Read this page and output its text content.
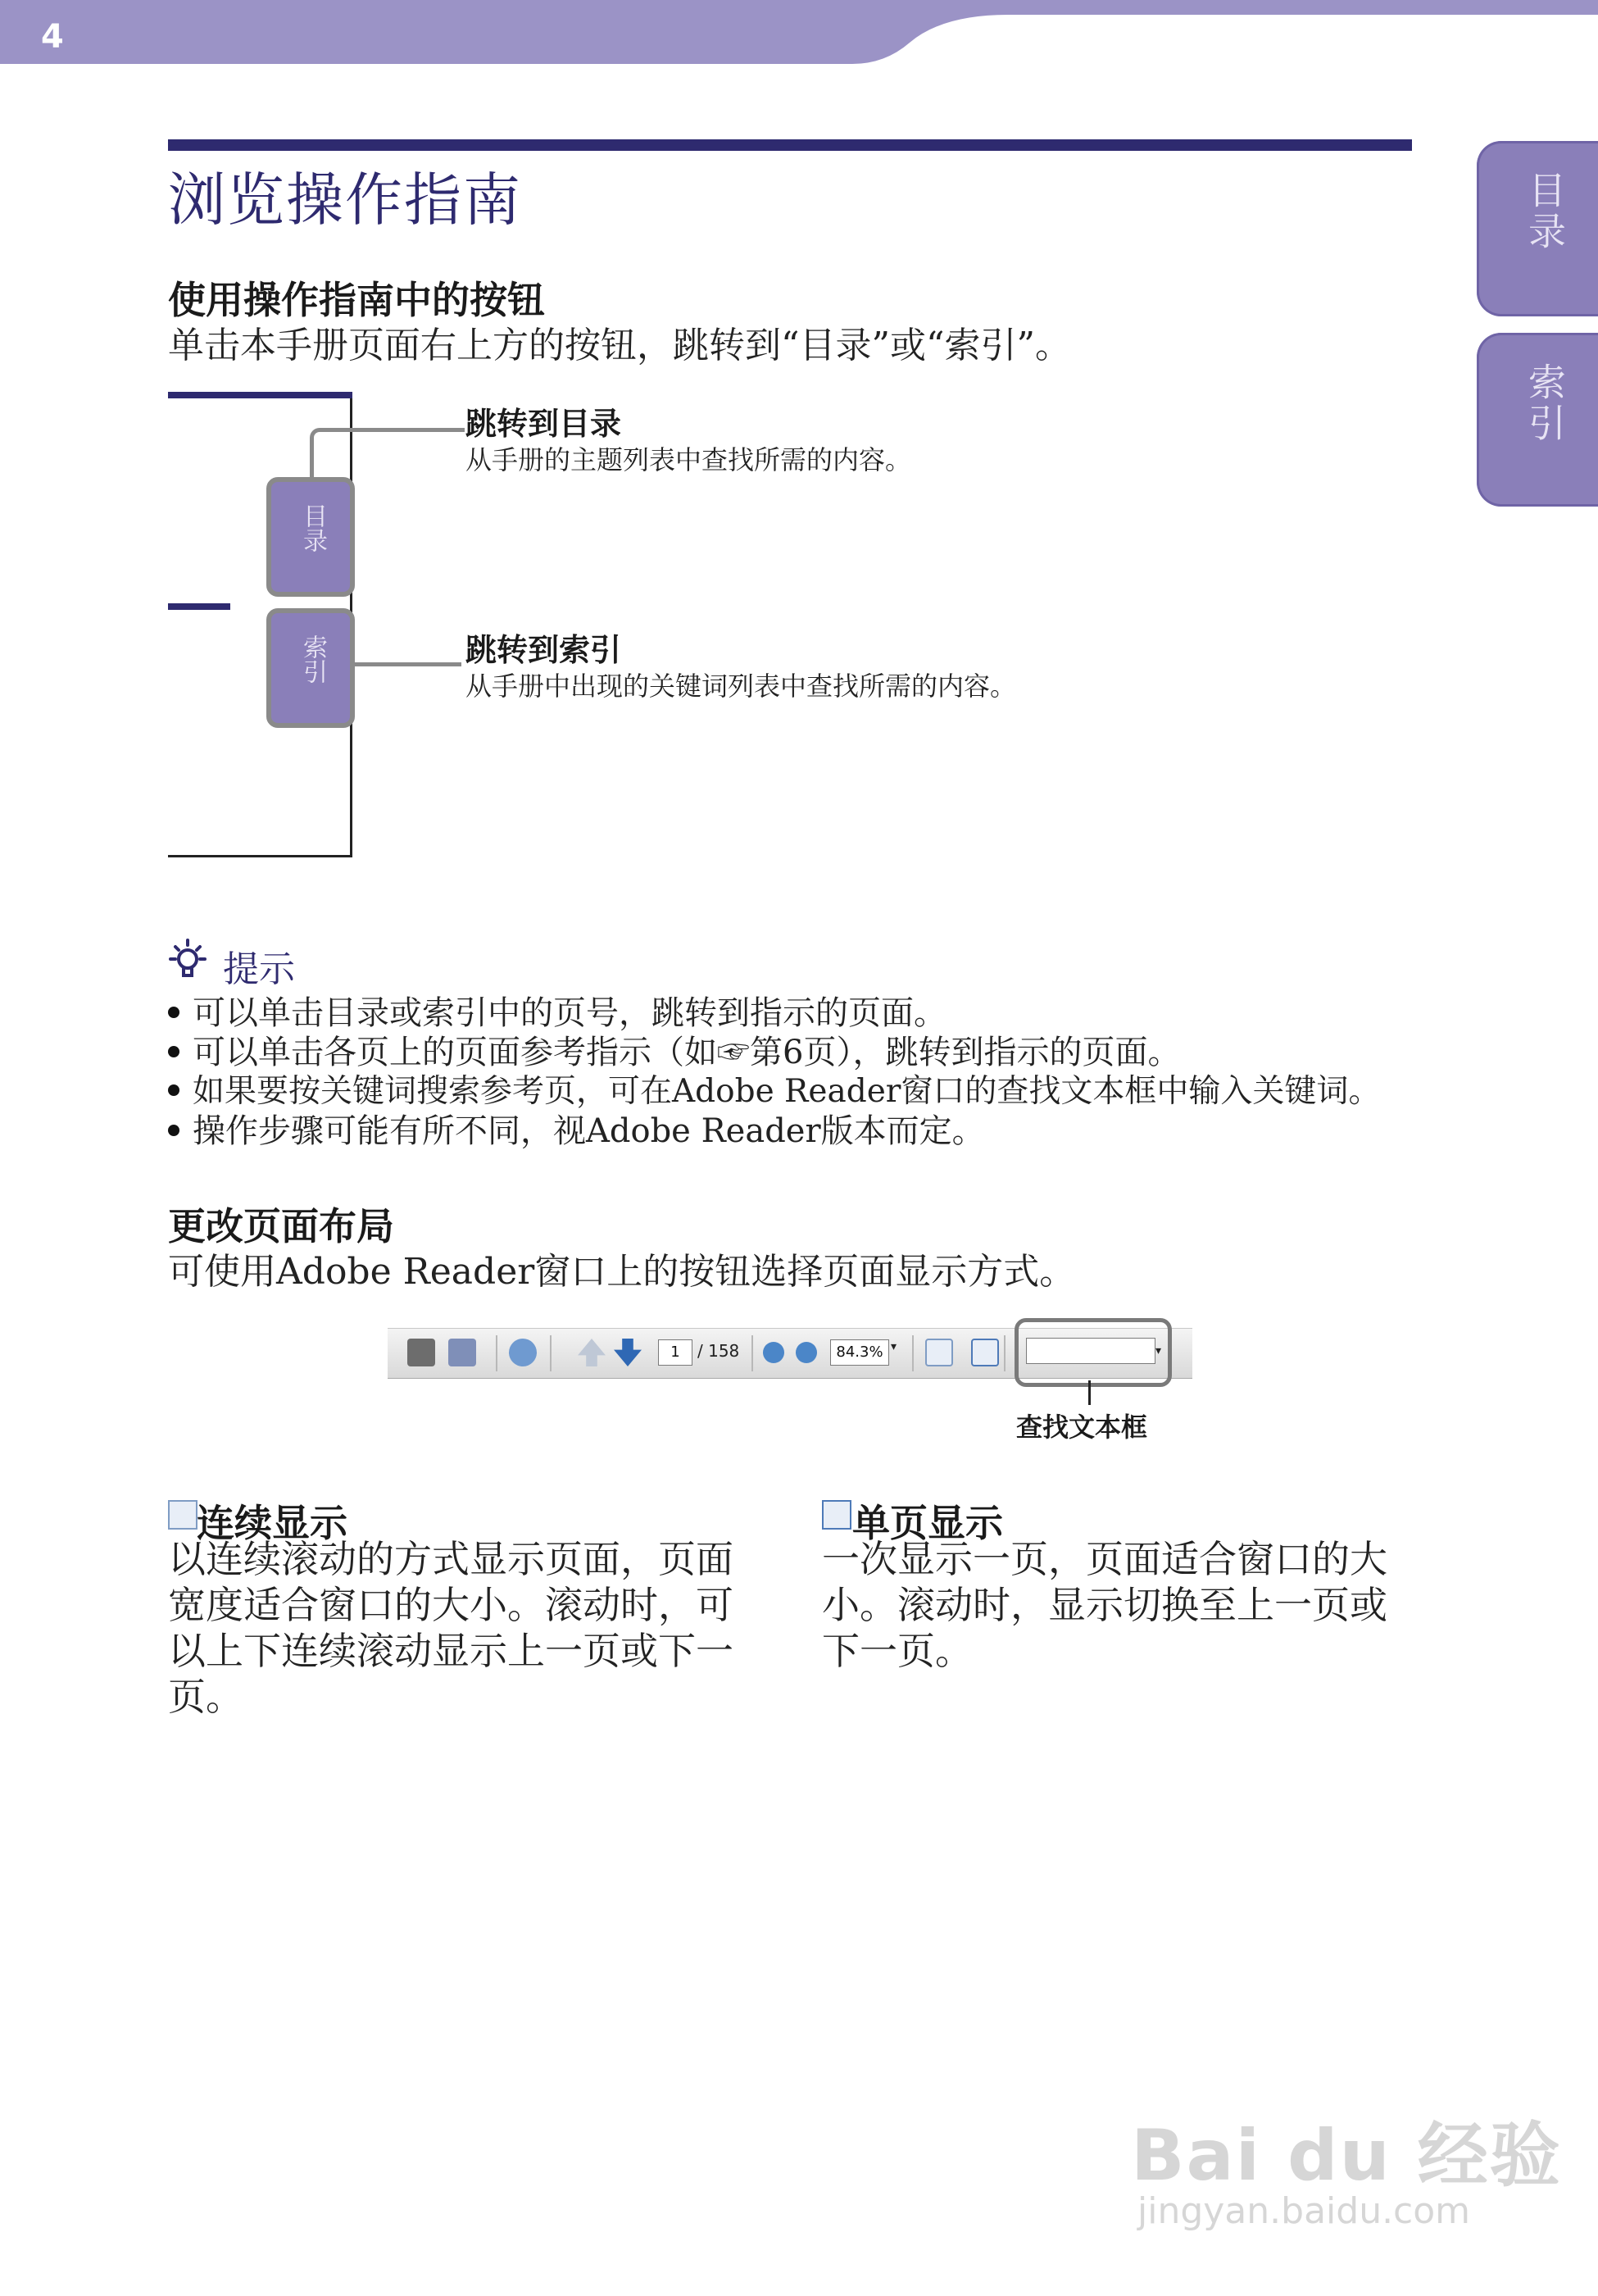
4
目录
索引
浏览操作指南
使用操作指南中的按钮
单击本手册页面右上方的按钮，跳转到“目录”或“索引”。
目录
索引
跳转到目录
从手册的主题列表中查找所需的内容。
跳转到索引
从手册中出现的关键词列表中查找所需的内容。
提示
可以单击目录或索引中的页号，跳转到指示的页面。
可以单击各页上的页面参考指示（如☞第6页），跳转到指示的页面。
如果要按关键词搜索参考页，可在Adobe Reader窗口的查找文本框中输入关键词。
操作步骤可能有所不同，视Adobe Reader版本而定。
更改页面布局
可使用Adobe Reader窗口上的按钮选择页面显示方式。
1	/ 158	84.3% ▾	▾
查找文本框
连续显示
以连续滚动的方式显示页面，页面
宽度适合窗口的大小。滚动时，可
以上下连续滚动显示上一页或下一
页。
单页显示
一次显示一页，页面适合窗口的大
小。滚动时，显示切换至上一页或
下一页。
Bai du 经验
jingyan.baidu.com
